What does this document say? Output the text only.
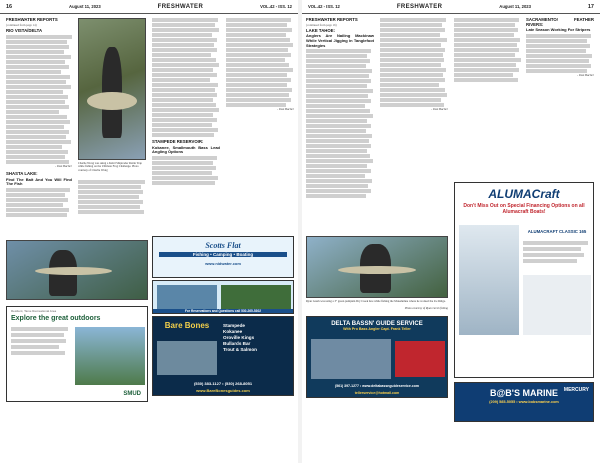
16	August 11, 2023	FRESHWATER	VOL.42 - ISS. 12	VOL.42 - ISS. 12	FRESHWATER	August 11, 2023	17
FRESHWATER REPORTS
(continued from page 14)
RIO VISTA/DELTA

- Dan Bacher

SHASTA LAKE:
Find The Bait And You Will Find The Fish
Charlie Wong was using a Kahrl Shiptrader Rattle Trap while fishing on the Ultimate Frog Challenge. Photo courtesy of Charlie Wong
STAMPEDE RESERVOIR:
Kokanee, Smallmouth Bass Lead Angling Options

- Dan Bacher

Scotts Flat
Fishing • Camping • Boating
www.nidwater.com
For Reservations and Questions call 530-265-5302
Bare Bones	Stampede
Kokanee
Oroville Kings
Bullards Bar
Trout & Salmon
(530) 383-1127 • (530) 268-8051
www.BareBonesguides.com
Resilient, Tame Recreational Area
Explore the great outdoors
SMUD
FRESHWATER REPORTS
(continued from page 16)
LAKE TAHOE:
Anglers Are Nailing Mackinaw While Vertical Jigging in Tanglefoot Strategies

- Dan Bacher

SACRAMENTO/ FEATHER RIVERS:
Late Season Working For Stripers

- Dan Bacher

Ryan Gresh was using a 3" green pumpkin Dry Creek lure while fishing the Mokelumne where he worked the Ice Ridge.
Photo courtesy of Ryan Gresh fishing
DELTA BASSN' GUIDE SERVICE
With Pro Bass Angler Capt. Frank Teller
(561) 397-1277 • www.deltabassnguideservice.com
tellerservice@hotmail.com
ALUMACraft
Don't Miss Out on Special Financing Options on all Alumacraft Boats!
ALUMACRAFT CLASSIC 165
B@B'S MARINE
(209) 585-5055 • www.bobsmarine.com
MERCURY
